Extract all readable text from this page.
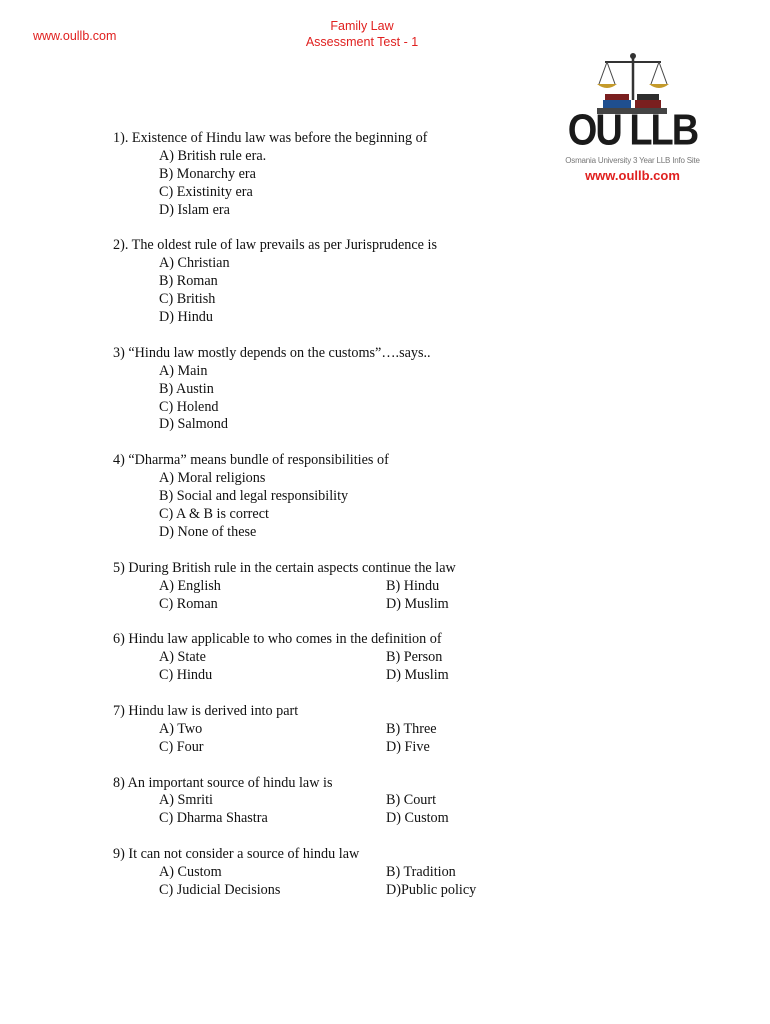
www.oullb.com
Family Law
Assessment Test - 1
OU LLB
Osmania University 3 Year LLB Info Site
www.oullb.com
1). Existence of Hindu law was before the beginning of
A) British rule era.
B) Monarchy era
C) Existinity era
D) Islam era
2). The oldest rule of law prevails as per Jurisprudence is
A) Christian
B) Roman
C) British
D) Hindu
3) “Hindu law mostly depends on the customs”….says..
A) Main
B) Austin
C) Holend
D) Salmond
4) “Dharma” means bundle of responsibilities of
A) Moral religions
B) Social and legal responsibility
C) A & B is correct
D) None of these
5) During British rule in the certain aspects continue the law
A) English	B) Hindu
C) Roman	D) Muslim
6) Hindu law applicable to who comes in the definition of
A) State	B) Person
C) Hindu	D) Muslim
7) Hindu law is derived into part
A) Two	B) Three
C) Four	D) Five
8) An important source of hindu law is
A) Smriti	B) Court
C) Dharma Shastra	D) Custom
9) It can not consider a source of hindu law
A) Custom	B) Tradition
C) Judicial Decisions	D)Public policy
